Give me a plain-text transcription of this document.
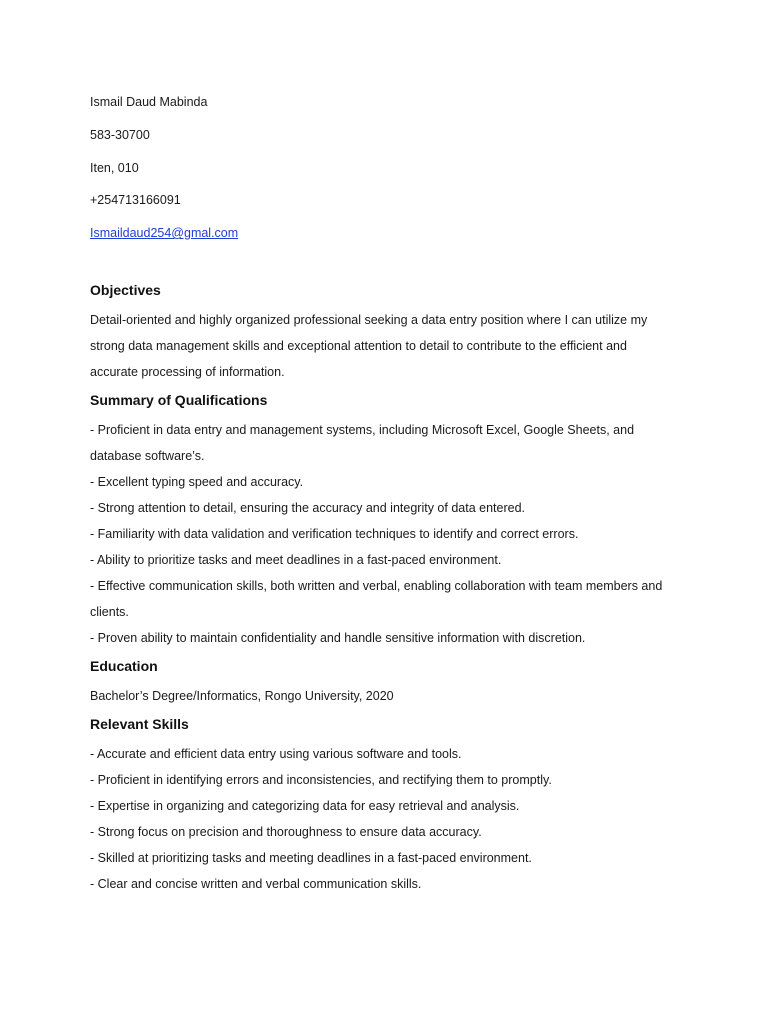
Ismail Daud Mabinda
583-30700
Iten, 010
+254713166091
Ismaildaud254@gmal.com
Objectives

Detail-oriented and highly organized professional seeking a data entry position where I can utilize my strong data management skills and exceptional attention to detail to contribute to the efficient and accurate processing of information.

Summary of Qualifications
- Proficient in data entry and management systems, including Microsoft Excel, Google Sheets, and database software’s.
- Excellent typing speed and accuracy.
- Strong attention to detail, ensuring the accuracy and integrity of data entered.
- Familiarity with data validation and verification techniques to identify and correct errors.
- Ability to prioritize tasks and meet deadlines in a fast-paced environment.
- Effective communication skills, both written and verbal, enabling collaboration with team members and clients.
- Proven ability to maintain confidentiality and handle sensitive information with discretion.
Education

Bachelor’s Degree/Informatics, Rongo University, 2020

Relevant Skills
- Accurate and efficient data entry using various software and tools.
- Proficient in identifying errors and inconsistencies, and rectifying them to promptly.
- Expertise in organizing and categorizing data for easy retrieval and analysis.
- Strong focus on precision and thoroughness to ensure data accuracy.
- Skilled at prioritizing tasks and meeting deadlines in a fast-paced environment.
- Clear and concise written and verbal communication skills.
